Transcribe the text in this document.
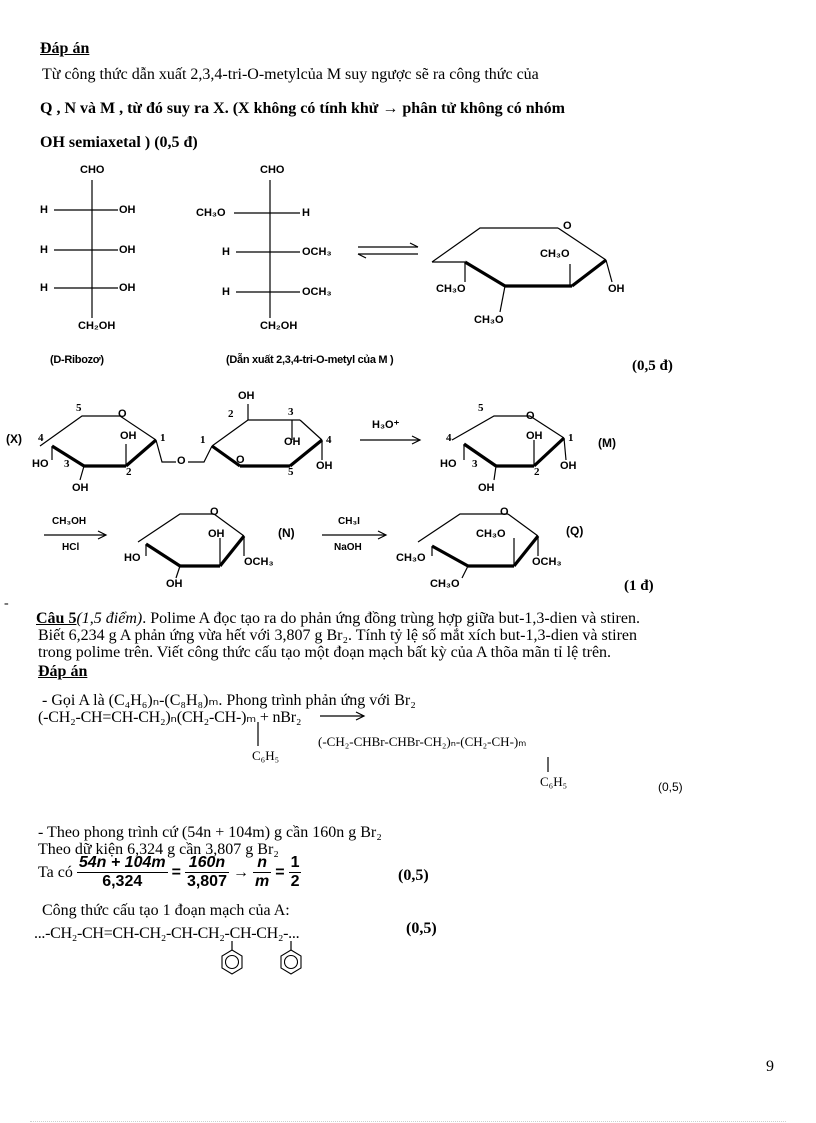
Đáp án
Từ công thức dẫn xuất 2,3,4-tri-O-metylcủa M suy ngược sẽ ra công thức của
Q , N và M , từ đó suy ra X. (X không có tính khử → phân tử không có nhóm
OH semiaxetal ) (0,5 đ)
CHO
H	OH
H	OH
H	OH
CH₂OH
(D-Ribozơ)
CHO
CH₃O	H
H	OCH₃
H	OCH₃
CH₂OH
(Dẫn xuất 2,3,4-tri-O-metyl của M )
O
CH₃O
CH₃O
CH₃O
OH
(0,5 đ)
(X)
5	O
4	OH 1
HO 3
2
OH
O
OH
2	3
1	OH 4
O
5 OH
H₃O⁺
5
O
4	OH 1
HO 3
2 OH
OH
(M)
CH₃OH
HCl
O
OH
HO	OCH₃
OH
(N)
CH₃I
NaOH
O
CH₃O
CH₃O	OCH₃
CH₃O
(Q)
(1 đ)
-
Câu 5(1,5 điểm). Polime A đọc tạo ra do phản ứng đồng trùng hợp giữa but-1,3-dien và stiren.
Biết 6,234 g A phản ứng vừa hết với 3,807 g Br₂. Tính tỷ lệ số mắt xích but-1,3-dien và stiren
trong polime trên. Viết công thức cấu tạo một đoạn mạch bất kỳ của A thõa mãn tỉ lệ trên.
Đáp án
- Gọi A là (C₄H₆)ₙ-(C₈H₈)ₘ. Phong trình phản ứng với Br₂
(-CH₂-CH=CH-CH₂)ₙ(CH₂-CH-)ₘ + nBr₂
C₆H₅
(-CH₂-CHBr-CHBr-CH₂)ₙ-(CH₂-CH-)ₘ
C₆H₅	(0,5)
- Theo phong trình cứ (54n + 104m) g cần 160n g Br₂
Theo dữ kiện 6,324 g cần 3,807 g Br₂
Ta có $\frac{54n + 104m}{6,324} = \frac{160n}{3,807} \to \frac{n}{m} = \frac{1}{2}$	(0,5)
Công thức cấu tạo 1 đoạn mạch của A:
...-CH₂-CH=CH-CH₂-CH-CH₂-CH-CH₂-...	(0,5)
9
